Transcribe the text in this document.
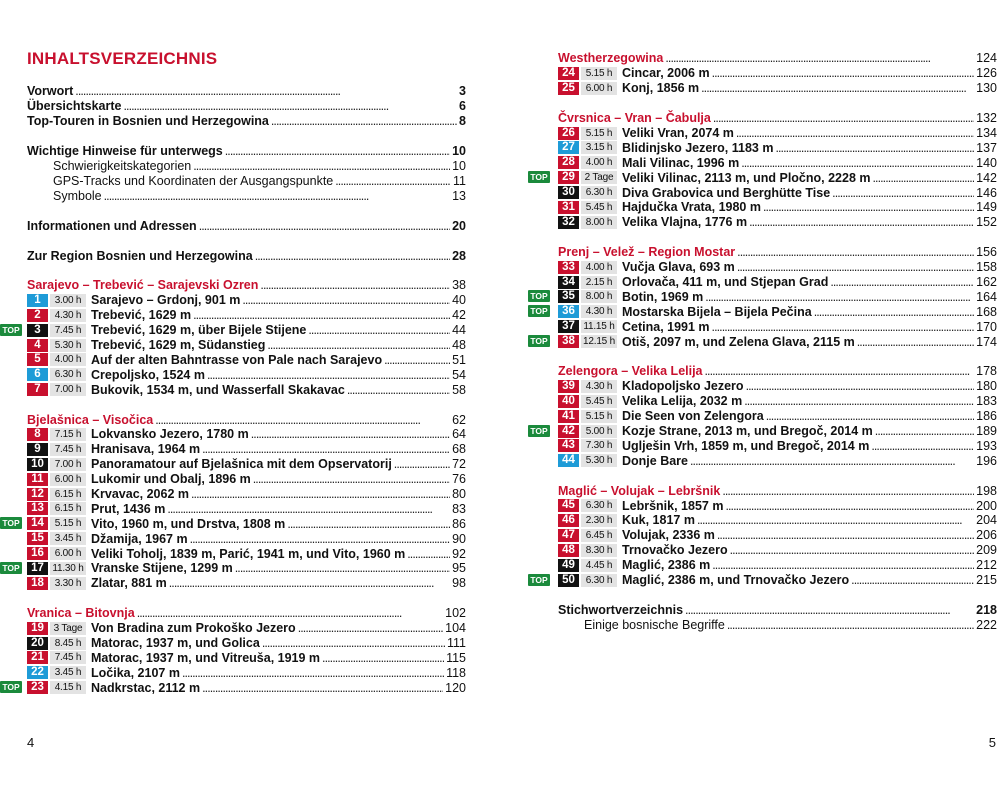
INHALTSVERZEICHNIS
Vorwort . . .	3
Übersichtskarte . . .	6
Top-Touren in Bosnien und Herzegowina . . .	8
Wichtige Hinweise für unterwegs . . .	10
Schwierigkeitskategorien . . .	10
GPS-Tracks und Koordinaten der Ausgangspunkte . . .	11
Symbole . . .	13
Informationen und Adressen . . .	20
Zur Region Bosnien und Herzegowina . . .	28
Sarajevo – Trebević – Sarajevski Ozren . . .	38
1	3.00 h Sarajevo – Grdonj, 901 m . . .	40
2	4.30 h Trebević, 1629 m . . .	42
TOP	3	7.45 h Trebević, 1629 m, über Bijele Stijene . . .	44
4	5.30 h Trebević, 1629 m, Südanstieg . . .	48
5	4.00 h Auf der alten Bahntrasse von Pale nach Sarajevo . . .	51
6	6.30 h Crepoljsko, 1524 m . . .	54
7	7.00 h Bukovik, 1534 m, und Wasserfall Skakavac . . .	58
Bjelašnica – Visočica . . .	62
8	7.15 h Lokvansko Jezero, 1780 m . . .	64
9	7.45 h Hranisava, 1964 m . . .	68
10	7.00 h Panoramatour auf Bjelašnica mit dem Opservatorij . . .	72
11	6.00 h Lukomir und Obalj, 1896 m . . .	76
12	6.15 h Krvavac, 2062 m . . .	80
13	6.15 h Prut, 1436 m . . .	83
TOP 14	5.15 h Vito, 1960 m, und Drstva, 1808 m . . .	86
15	3.45 h Džamija, 1967 m . . .	90
16	6.00 h Veliki Toholj, 1839 m, Parić, 1941 m, und Vito, 1960 m . . .	92
TOP 17 11.30 h Vranske Stijene, 1299 m . . .	95
18	3.30 h Zlatar, 881 m . . .	98
Vranica – Bitovnja . . .	102
19 3 Tage Von Bradina zum Prokoško Jezero . . .	104
20	8.45 h Matorac, 1937 m, und Golica . . .	111
21	7.45 h Matorac, 1937 m, und Vitreuša, 1919 m . . .	115
22	3.45 h Ločika, 2107 m . . .	118
TOP 23	4.15 h Nadkrstac, 2112 m . . .	120
4
Westherzegowina . . .	124
24	5.15 h Cincar, 2006 m . . .	126
25	6.00 h Konj, 1856 m . . .	130
Čvrsnica – Vran – Čabulja . . .	132
26	5.15 h Veliki Vran, 2074 m . . .	134
27	3.15 h Blidinjsko Jezero, 1183 m . . .	137
28	4.00 h Mali Vilinac, 1996 m . . .	140
TOP	29 2 Tage Veliki Vilinac, 2113 m, und Pločno, 2228 m . . .	142
30	6.30 h Diva Grabovica und Berghütte Tise . . .	146
31	5.45 h Hajdučka Vrata, 1980 m . . .	149
32	8.00 h Velika Vlajna, 1776 m . . .	152
Prenj – Velež – Region Mostar . . .	156
33	4.00 h Vučja Glava, 693 m . . .	158
34	2.15 h Orlovača, 411 m, und Stjepan Grad . . .	162
TOP	35	8.00 h Botin, 1969 m . . .	164
TOP	36	4.30 h Mostarska Bijela – Bijela Pečina . . .	168
37 11.15 h Cetina, 1991 m . . .	170
TOP	38 12.15 h Otiš, 2097 m, und Zelena Glava, 2115 m . . .	174
Zelengora – Velika Lelija . . .	178
39	4.30 h Kladopoljsko Jezero . . .	180
40	5.45 h Velika Lelija, 2032 m . . .	183
41	5.15 h Die Seen von Zelengora . . .	186
TOP	42	5.00 h Kozje Strane, 2013 m, und Bregoč, 2014 m . . .	189
43	7.30 h Uglješin Vrh, 1859 m, und Bregoč, 2014 m . . .	193
44	5.30 h Donje Bare . . .	196
Maglić – Volujak – Lebršnik . . .	198
45	6.30 h Lebršnik, 1857 m . . .	200
46	2.30 h Kuk, 1817 m . . .	204
47	6.45 h Volujak, 2336 m . . .	206
48	8.30 h Trnovačko Jezero . . .	209
49	4.45 h Maglić, 2386 m . . .	212
TOP	50	6.30 h Maglić, 2386 m, und Trnovačko Jezero . . .	215
Stichwortverzeichnis . . .	218
Einige bosnische Begriffe . . .	222
5
